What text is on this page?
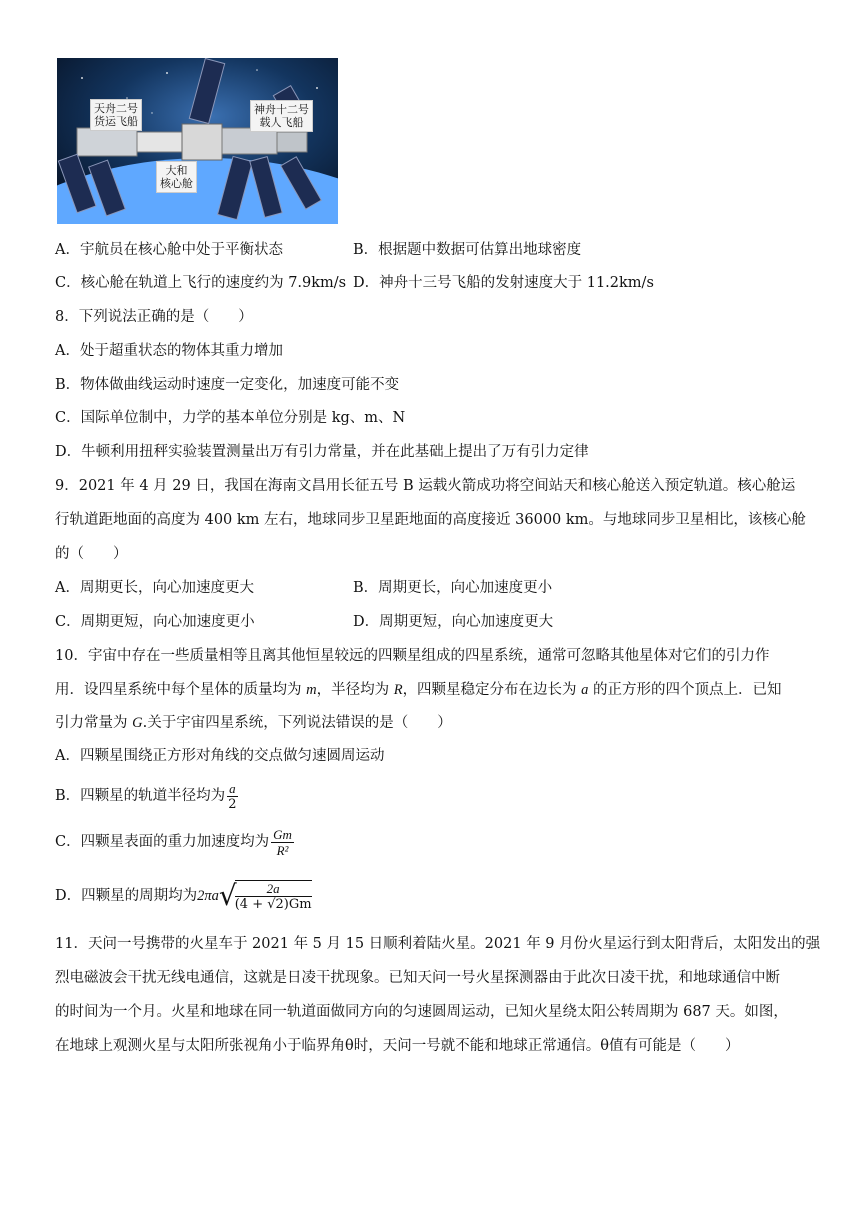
天舟二号
货运飞船
大和
核心舱
神舟十二号
载人飞船
A．宇航员在核心舱中处于平衡状态	B．根据题中数据可估算出地球密度
C．核心舱在轨道上飞行的速度约为 7.9km/s D．神舟十三号飞船的发射速度大于 11.2km/s
8．下列说法正确的是（　　）
A．处于超重状态的物体其重力增加
B．物体做曲线运动时速度一定变化，加速度可能不变
C．国际单位制中，力学的基本单位分别是 kg、m、N
D．牛顿利用扭秤实验装置测量出万有引力常量，并在此基础上提出了万有引力定律
9．2021 年 4 月 29 日，我国在海南文昌用长征五号 B 运载火箭成功将空间站天和核心舱送入预定轨道。核心舱运
行轨道距地面的高度为 400 km 左右，地球同步卫星距地面的高度接近 36000 km。与地球同步卫星相比，该核心舱
的（　　）
A．周期更长，向心加速度更大	B．周期更长，向心加速度更小
C．周期更短，向心加速度更小	D．周期更短，向心加速度更大
10．宇宙中存在一些质量相等且离其他恒星较远的四颗星组成的四星系统，通常可忽略其他星体对它们的引力作
用．设四星系统中每个星体的质量均为 m，半径均为 R，四颗星稳定分布在边长为 a 的正方形的四个顶点上．已知
引力常量为 G.关于宇宙四星系统，下列说法错误的是（　　）
A．四颗星围绕正方形对角线的交点做匀速圆周运动
B．四颗星的轨道半径均为 $\frac{a}{2}$
C．四颗星表面的重力加速度均为 $\frac{Gm}{\text{R²}}$
D．四颗星的周期均为2πa√
$\frac{2a}{(4 + √2)Gm}$
11．天问一号携带的火星车于 2021 年 5 月 15 日顺利着陆火星。2021 年 9 月份火星运行到太阳背后，太阳发出的强
烈电磁波会干扰无线电通信，这就是日凌干扰现象。已知天问一号火星探测器由于此次日凌干扰，和地球通信中断
的时间为一个月。火星和地球在同一轨道面做同方向的匀速圆周运动，已知火星绕太阳公转周期为 687 天。如图，
在地球上观测火星与太阳所张视角小于临界角θ时，天问一号就不能和地球正常通信。θ值有可能是（　　）
